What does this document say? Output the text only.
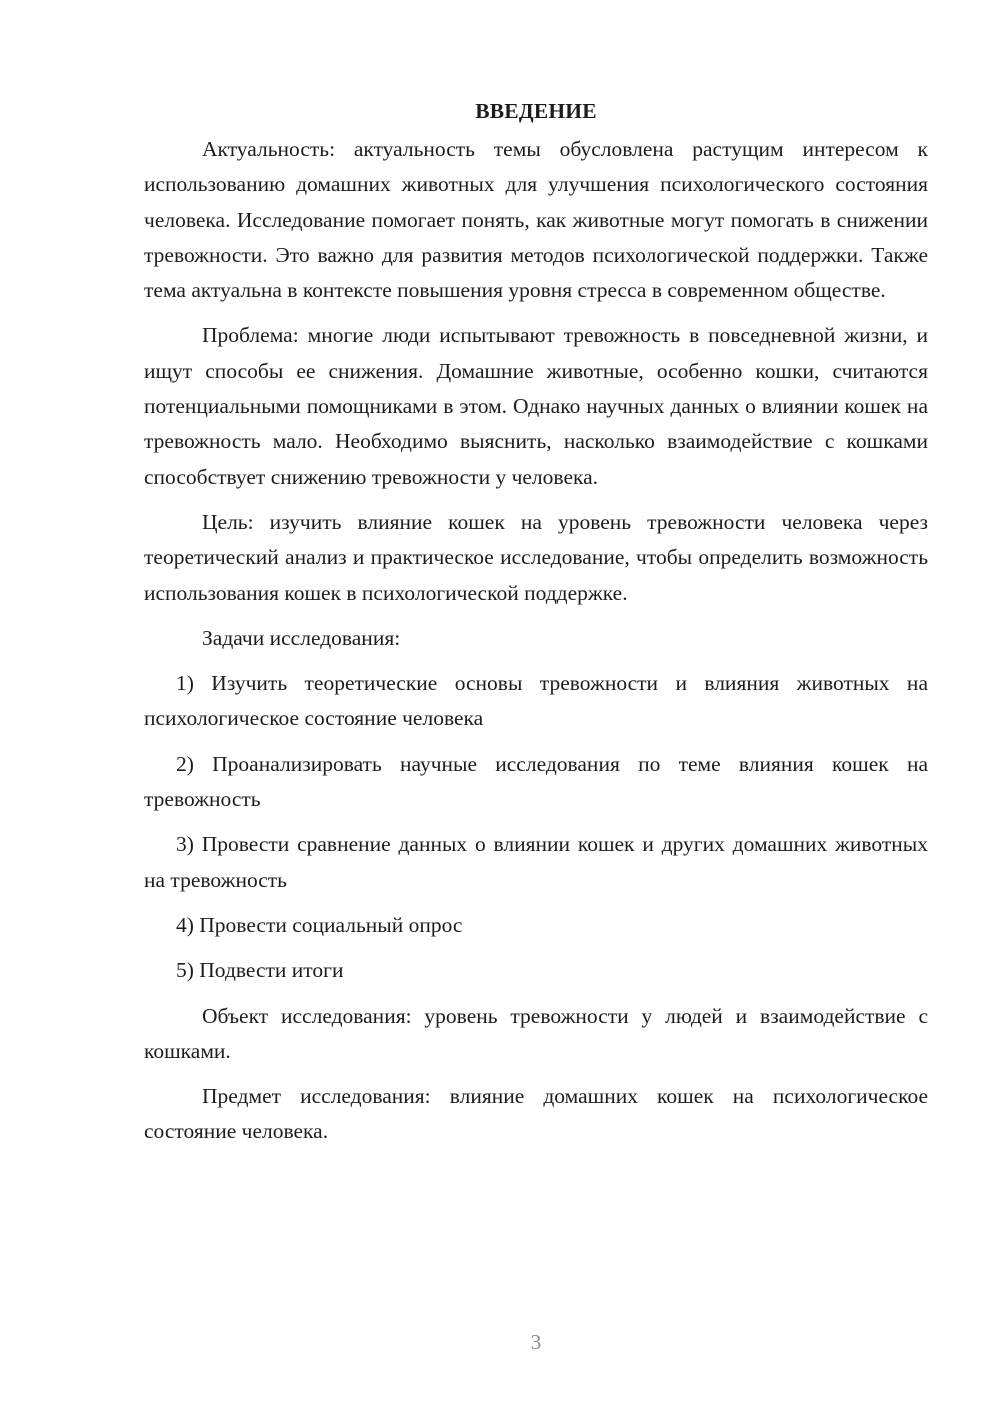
ВВЕДЕНИЕ

Актуальность: актуальность темы обусловлена растущим интересом к использованию домашних животных для улучшения психологического состояния человека. Исследование помогает понять, как животные могут помогать в снижении тревожности. Это важно для развития методов психологической поддержки. Также тема актуальна в контексте повышения уровня стресса в современном обществе.

Проблема: многие люди испытывают тревожность в повседневной жизни, и ищут способы ее снижения. Домашние животные, особенно кошки, считаются потенциальными помощниками в этом. Однако научных данных о влиянии кошек на тревожность мало. Необходимо выяснить, насколько взаимодействие с кошками способствует снижению тревожности у человека.

Цель: изучить влияние кошек на уровень тревожности человека через теоретический анализ и практическое исследование, чтобы определить возможность использования кошек в психологической поддержке.

Задачи исследования:

1) Изучить теоретические основы тревожности и влияния животных на психологическое состояние человека

2) Проанализировать научные исследования по теме влияния кошек на тревожность

3) Провести сравнение данных о влиянии кошек и других домашних животных на тревожность

4) Провести социальный опрос

5) Подвести итоги

Объект исследования: уровень тревожности у людей и взаимодействие с кошками.

Предмет исследования: влияние домашних кошек на психологическое состояние человека.

3
